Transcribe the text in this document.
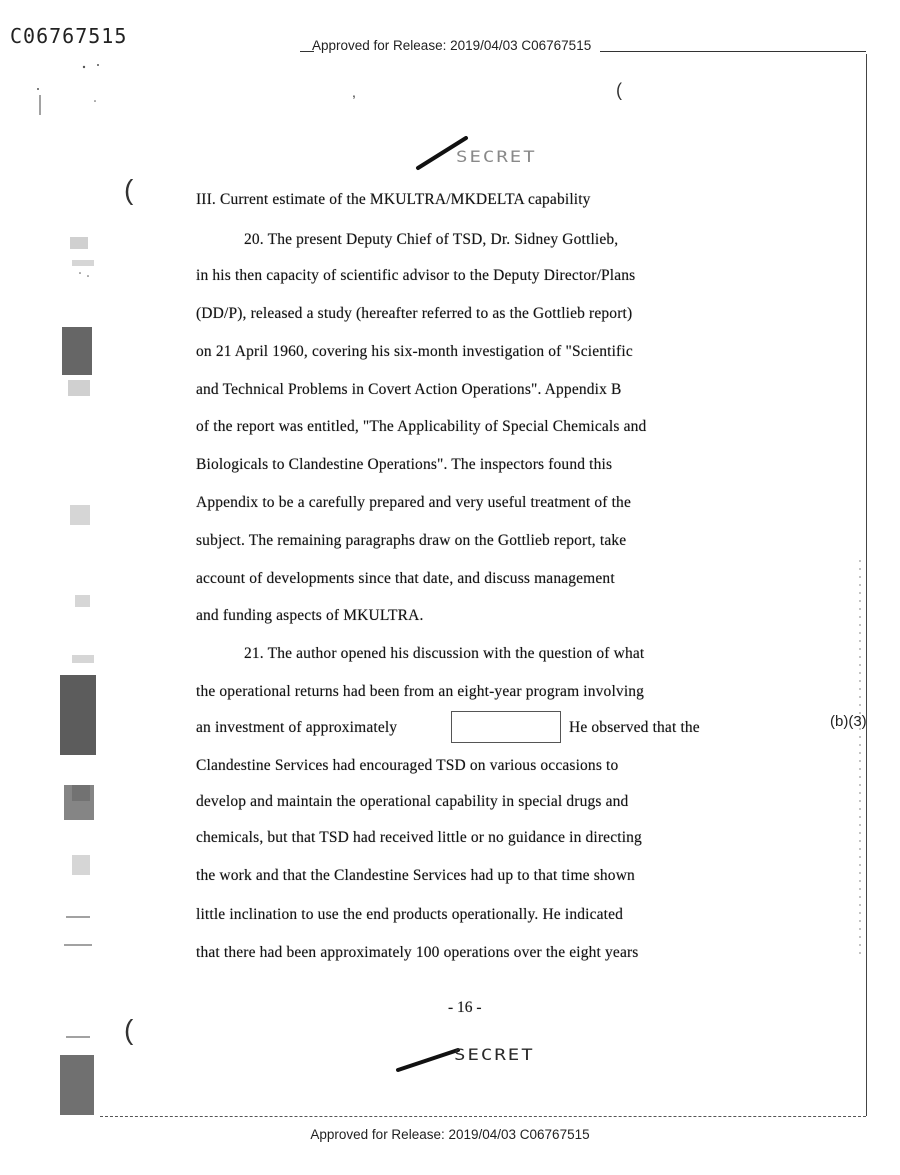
C06767515	Approved for Release: 2019/04/03 C06767515
(
(
,	(
SECRET
III. Current estimate of the MKULTRA/MKDELTA capability
20. The present Deputy Chief of TSD, Dr. Sidney Gottlieb,
in his then capacity of scientific advisor to the Deputy Director/Plans
(DD/P), released a study (hereafter referred to as the Gottlieb report)
on 21 April 1960, covering his six-month investigation of "Scientific
and Technical Problems in Covert Action Operations". Appendix B
of the report was entitled, "The Applicability of Special Chemicals and
Biologicals to Clandestine Operations". The inspectors found this
Appendix to be a carefully prepared and very useful treatment of the
subject. The remaining paragraphs draw on the Gottlieb report, take
account of developments since that date, and discuss management
and funding aspects of MKULTRA.
21. The author opened his discussion with the question of what
the operational returns had been from an eight-year program involving
an investment of approximately	He observed that the	(b)(3)
Clandestine Services had encouraged TSD on various occasions to
develop and maintain the operational capability in special drugs and
chemicals, but that TSD had received little or no guidance in directing
the work and that the Clandestine Services had up to that time shown
little inclination to use the end products operationally. He indicated
that there had been approximately 100 operations over the eight years
- 16 -
SECRET
Approved for Release: 2019/04/03 C06767515
